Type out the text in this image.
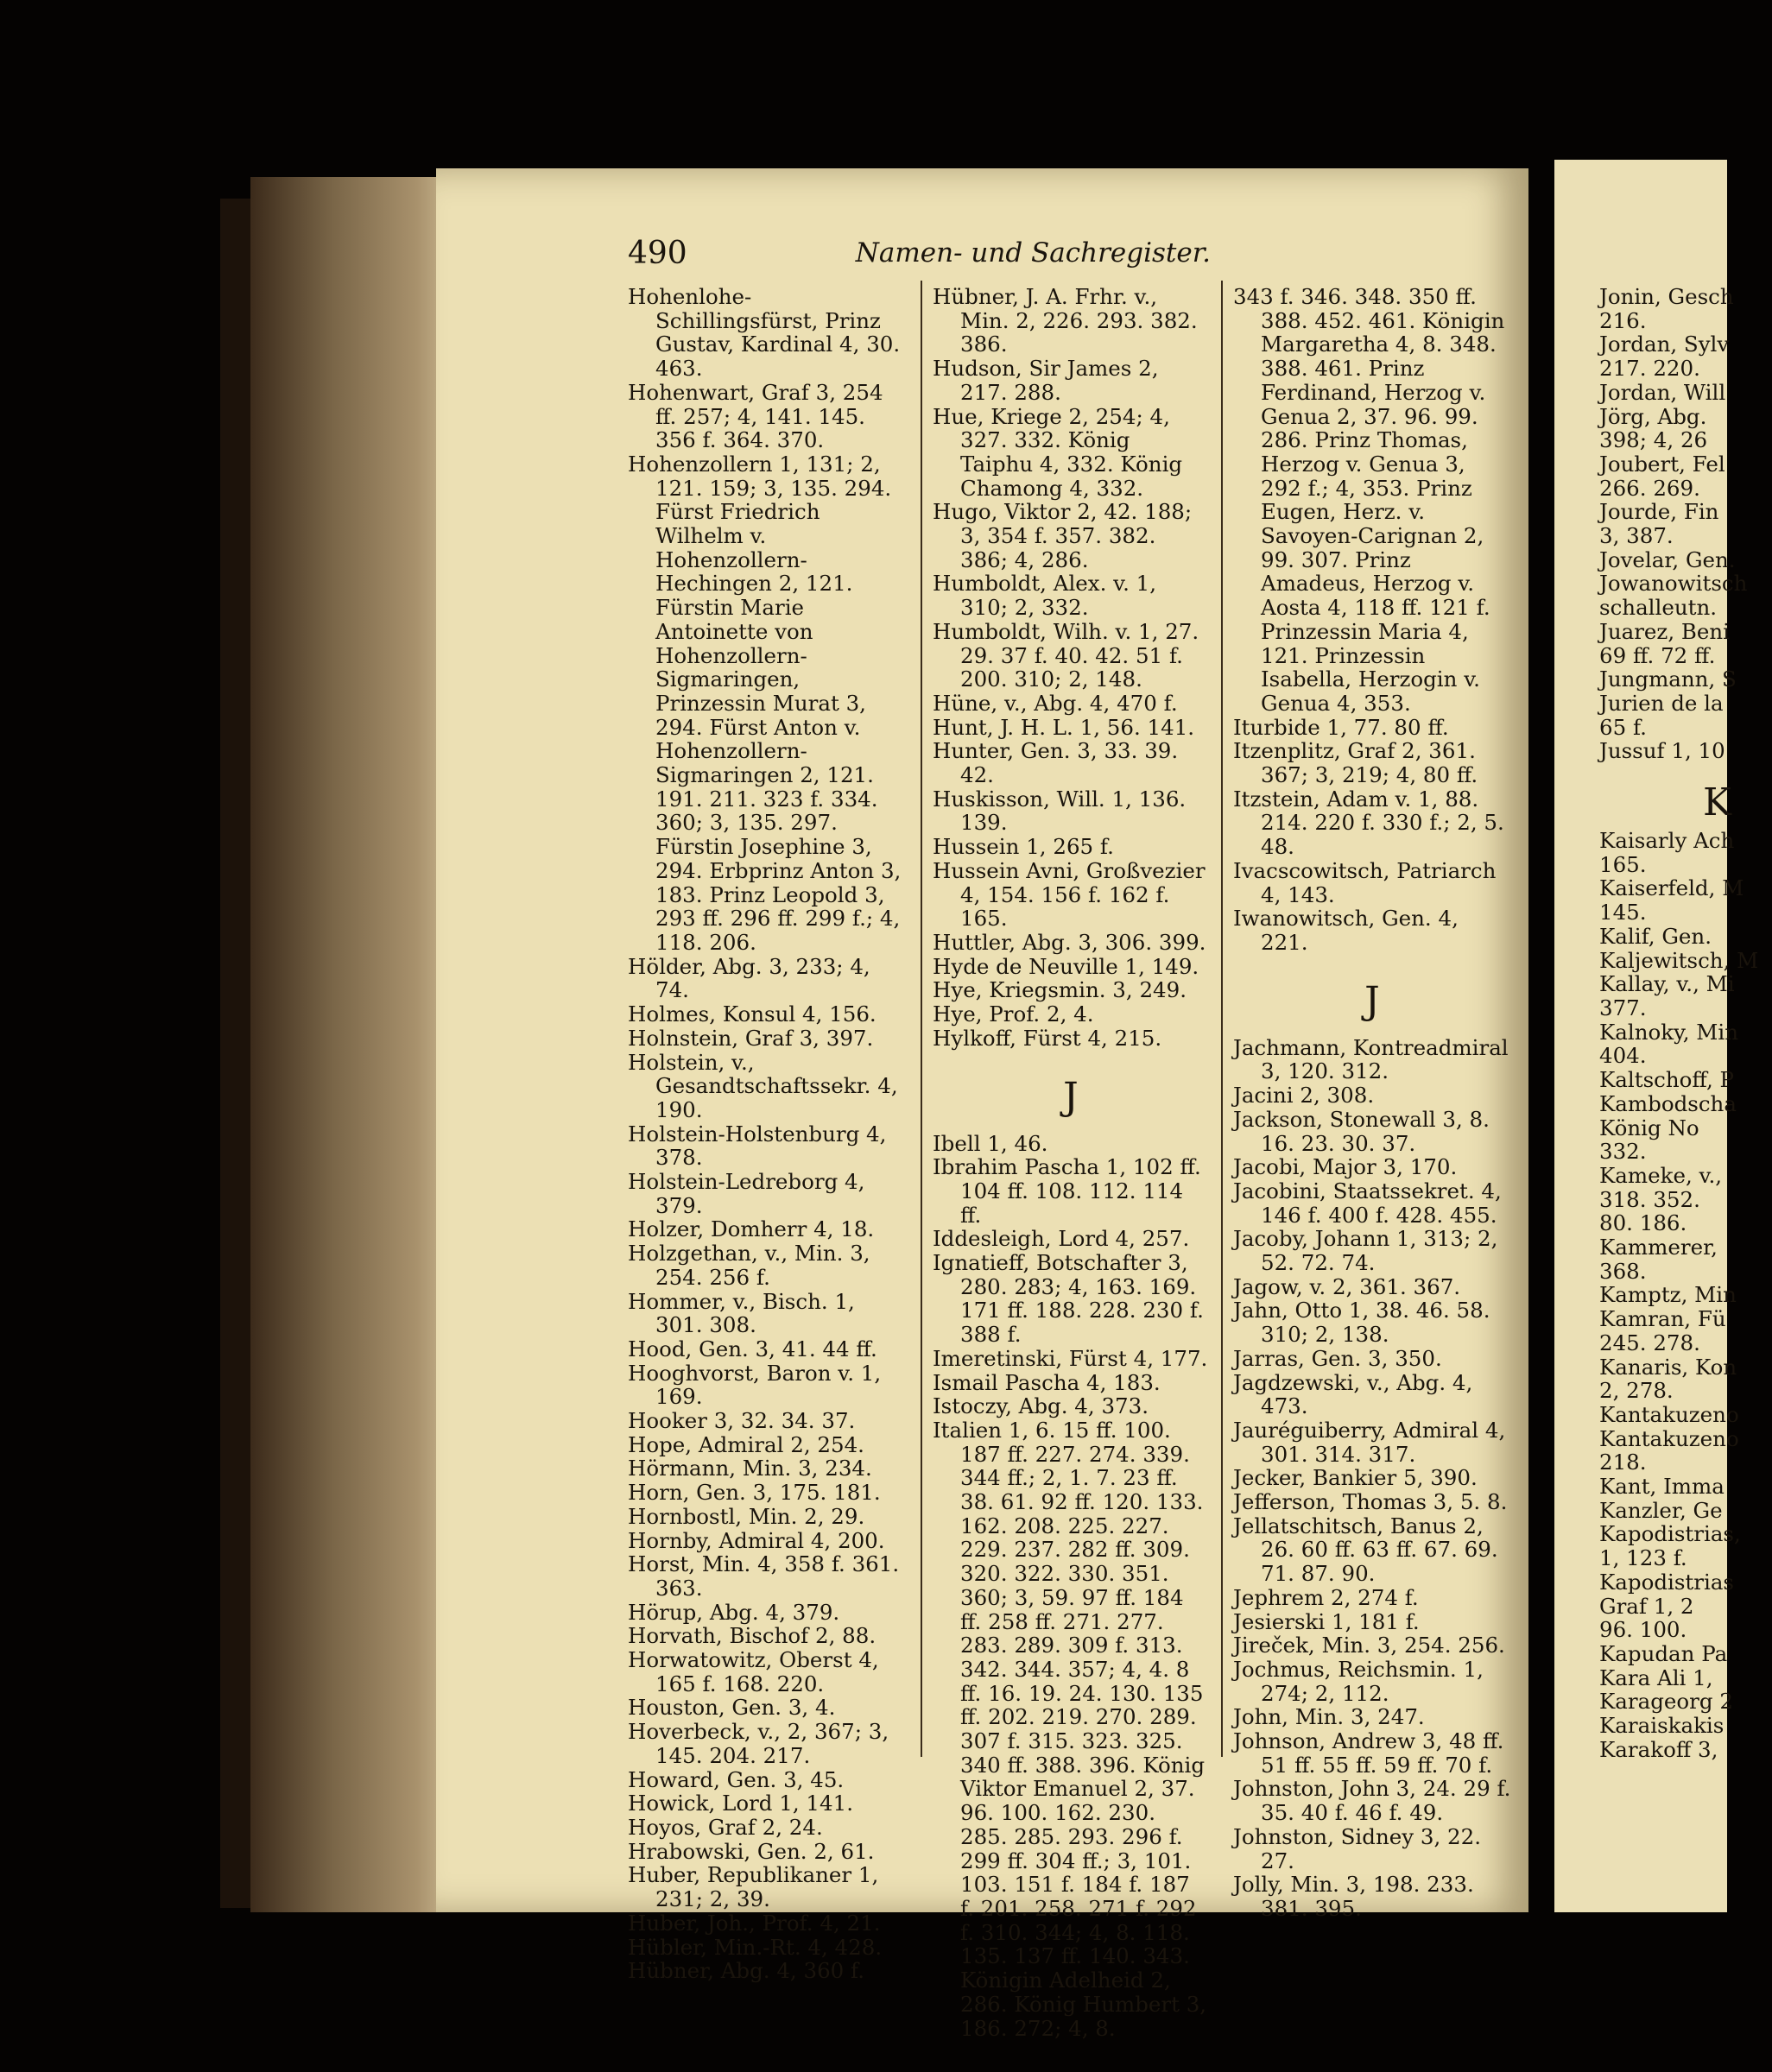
490	Namen- und Sachregister.
Hohenlohe-Schillingsfürst, Prinz Gustav, Kardinal 4, 30. 463.
Hohenwart, Graf 3, 254 ff. 257; 4, 141. 145. 356 f. 364. 370.
Hohenzollern 1, 131; 2, 121. 159; 3, 135. 294. Fürst Friedrich Wilhelm v. Hohenzollern-Hechingen 2, 121. Fürstin Marie Antoinette von Hohenzollern-Sigmaringen, Prinzessin Murat 3, 294. Fürst Anton v. Hohenzollern-Sigmaringen 2, 121. 191. 211. 323 f. 334. 360; 3, 135. 297. Fürstin Josephine 3, 294. Erbprinz Anton 3, 183. Prinz Leopold 3, 293 ff. 296 ff. 299 f.; 4, 118. 206.
Hölder, Abg. 3, 233; 4, 74.
Holmes, Konsul 4, 156.
Holnstein, Graf 3, 397.
Holstein, v., Gesandtschaftssekr. 4, 190.
Holstein-Holstenburg 4, 378.
Holstein-Ledreborg 4, 379.
Holzer, Domherr 4, 18.
Holzgethan, v., Min. 3, 254. 256 f.
Hommer, v., Bisch. 1, 301. 308.
Hood, Gen. 3, 41. 44 ff.
Hooghvorst, Baron v. 1, 169.
Hooker 3, 32. 34. 37.
Hope, Admiral 2, 254.
Hörmann, Min. 3, 234.
Horn, Gen. 3, 175. 181.
Hornbostl, Min. 2, 29.
Hornby, Admiral 4, 200.
Horst, Min. 4, 358 f. 361. 363.
Hörup, Abg. 4, 379.
Horvath, Bischof 2, 88.
Horwatowitz, Oberst 4, 165 f. 168. 220.
Houston, Gen. 3, 4.
Hoverbeck, v., 2, 367; 3, 145. 204. 217.
Howard, Gen. 3, 45.
Howick, Lord 1, 141.
Hoyos, Graf 2, 24.
Hrabowski, Gen. 2, 61.
Huber, Republikaner 1, 231; 2, 39.
Huber, Joh., Prof. 4, 21.
Hübler, Min.-Rt. 4, 428.
Hübner, Abg. 4, 360 f.
Hübner, J. A. Frhr. v., Min. 2, 226. 293. 382. 386.
Hudson, Sir James 2, 217. 288.
Hue, Kriege 2, 254; 4, 327. 332. König Taiphu 4, 332. König Chamong 4, 332.
Hugo, Viktor 2, 42. 188; 3, 354 f. 357. 382. 386; 4, 286.
Humboldt, Alex. v. 1, 310; 2, 332.
Humboldt, Wilh. v. 1, 27. 29. 37 f. 40. 42. 51 f. 200. 310; 2, 148.
Hüne, v., Abg. 4, 470 f.
Hunt, J. H. L. 1, 56. 141.
Hunter, Gen. 3, 33. 39. 42.
Huskisson, Will. 1, 136. 139.
Hussein 1, 265 f.
Hussein Avni, Großvezier 4, 154. 156 f. 162 f. 165.
Huttler, Abg. 3, 306. 399.
Hyde de Neuville 1, 149.
Hye, Kriegsmin. 3, 249.
Hye, Prof. 2, 4.
Hylkoff, Fürst 4, 215.
J
Ibell 1, 46.
Ibrahim Pascha 1, 102 ff. 104 ff. 108. 112. 114 ff.
Iddesleigh, Lord 4, 257.
Ignatieff, Botschafter 3, 280. 283; 4, 163. 169. 171 ff. 188. 228. 230 f. 388 f.
Imeretinski, Fürst 4, 177.
Ismail Pascha 4, 183.
Istoczy, Abg. 4, 373.
Italien 1, 6. 15 ff. 100. 187 ff. 227. 274. 339. 344 ff.; 2, 1. 7. 23 ff. 38. 61. 92 ff. 120. 133. 162. 208. 225. 227. 229. 237. 282 ff. 309. 320. 322. 330. 351. 360; 3, 59. 97 ff. 184 ff. 258 ff. 271. 277. 283. 289. 309 f. 313. 342. 344. 357; 4, 4. 8 ff. 16. 19. 24. 130. 135 ff. 202. 219. 270. 289. 307 f. 315. 323. 325. 340 ff. 388. 396. König Viktor Emanuel 2, 37. 96. 100. 162. 230. 285. 285. 293. 296 f. 299 ff. 304 ff.; 3, 101. 103. 151 f. 184 f. 187 f. 201. 258. 271 f. 292 f. 310. 344; 4, 8. 118. 135. 137 ff. 140. 343. Königin Adelheid 2, 286. König Humbert 3, 186. 272; 4, 8.
343 f. 346. 348. 350 ff. 388. 452. 461. Königin Margaretha 4, 8. 348. 388. 461. Prinz Ferdinand, Herzog v. Genua 2, 37. 96. 99. 286. Prinz Thomas, Herzog v. Genua 3, 292 f.; 4, 353. Prinz Eugen, Herz. v. Savoyen-Carignan 2, 99. 307. Prinz Amadeus, Herzog v. Aosta 4, 118 ff. 121 f. Prinzessin Maria 4, 121. Prinzessin Isabella, Herzogin v. Genua 4, 353.
Iturbide 1, 77. 80 ff.
Itzenplitz, Graf 2, 361. 367; 3, 219; 4, 80 ff.
Itzstein, Adam v. 1, 88. 214. 220 f. 330 f.; 2, 5. 48.
Ivacscowitsch, Patriarch 4, 143.
Iwanowitsch, Gen. 4, 221.
J
Jachmann, Kontreadmiral 3, 120. 312.
Jacini 2, 308.
Jackson, Stonewall 3, 8. 16. 23. 30. 37.
Jacobi, Major 3, 170.
Jacobini, Staatssekret. 4, 146 f. 400 f. 428. 455.
Jacoby, Johann 1, 313; 2, 52. 72. 74.
Jagow, v. 2, 361. 367.
Jahn, Otto 1, 38. 46. 58. 310; 2, 138.
Jarras, Gen. 3, 350.
Jagdzewski, v., Abg. 4, 473.
Jauréguiberry, Admiral 4, 301. 314. 317.
Jecker, Bankier 5, 390.
Jefferson, Thomas 3, 5. 8.
Jellatschitsch, Banus 2, 26. 60 ff. 63 ff. 67. 69. 71. 87. 90.
Jephrem 2, 274 f.
Jesierski 1, 181 f.
Jireček, Min. 3, 254. 256.
Jochmus, Reichsmin. 1, 274; 2, 112.
John, Min. 3, 247.
Johnson, Andrew 3, 48 ff. 51 ff. 55 ff. 59 ff. 70 f.
Johnston, John 3, 24. 29 f. 35. 40 f. 46 f. 49.
Johnston, Sidney 3, 22. 27.
Jolly, Min. 3, 198. 233. 381. 395.
Jonin, Gesch
216.
Jordan, Sylv
217. 220.
Jordan, Will
Jörg, Abg.
398; 4, 26
Joubert, Fel
266. 269.
Jourde, Fin
3, 387.
Jovelar, Gen.
Jowanowitsch
schalleutn.
Juarez, Beni
69 ff. 72 ff.
Jungmann, S
Jurien de la
65 f.
Jussuf 1, 10
K
Kaisarly Ach
165.
Kaiserfeld, M
145.
Kalif, Gen.
Kaljewitsch, M
Kallay, v., Mi
377.
Kalnoky, Min
404.
Kaltschoff, P
Kambodscha
König No
332.
Kameke, v.,
318. 352.
80. 186.
Kammerer,
368.
Kamptz, Min
Kamran, Fü
245. 278.
Kanaris, Kon
2, 278.
Kantakuzeno
Kantakuzeno
218.
Kant, Imma
Kanzler, Ge
Kapodistrias,
1, 123 f.
Kapodistrias
Graf 1, 2
96. 100.
Kapudan Pa
Kara Ali 1,
Karageorg 2
Karaiskakis
Karakoff 3,
